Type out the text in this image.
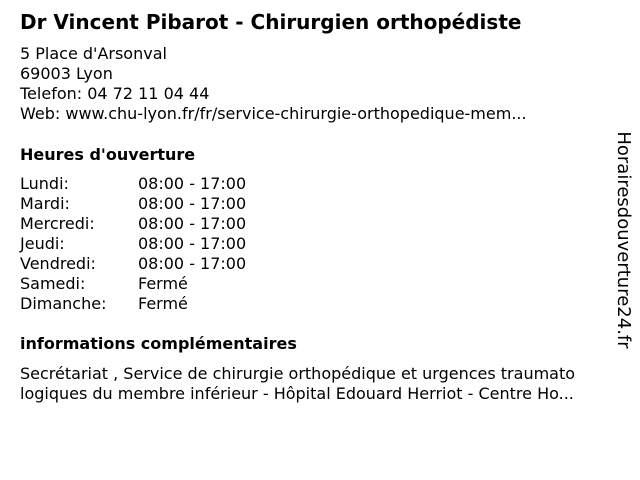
Dr Vincent Pibarot - Chirurgien orthopédiste
5 Place d'Arsonval
69003 Lyon
Telefon: 04 72 11 04 44
Web: www.chu-lyon.fr/fr/service-chirurgie-orthopedique-mem...
Heures d'ouverture
Lundi:	08:00 - 17:00
Mardi:	08:00 - 17:00
Mercredi:	08:00 - 17:00
Jeudi:	08:00 - 17:00
Vendredi:	08:00 - 17:00
Samedi:	Fermé
Dimanche:	Fermé
informations complémentaires
Secrétariat , Service de chirurgie orthopédique et urgences traumato
logiques du membre inférieur - Hôpital Edouard Herriot - Centre Ho...
Horairesdouverture24.fr
